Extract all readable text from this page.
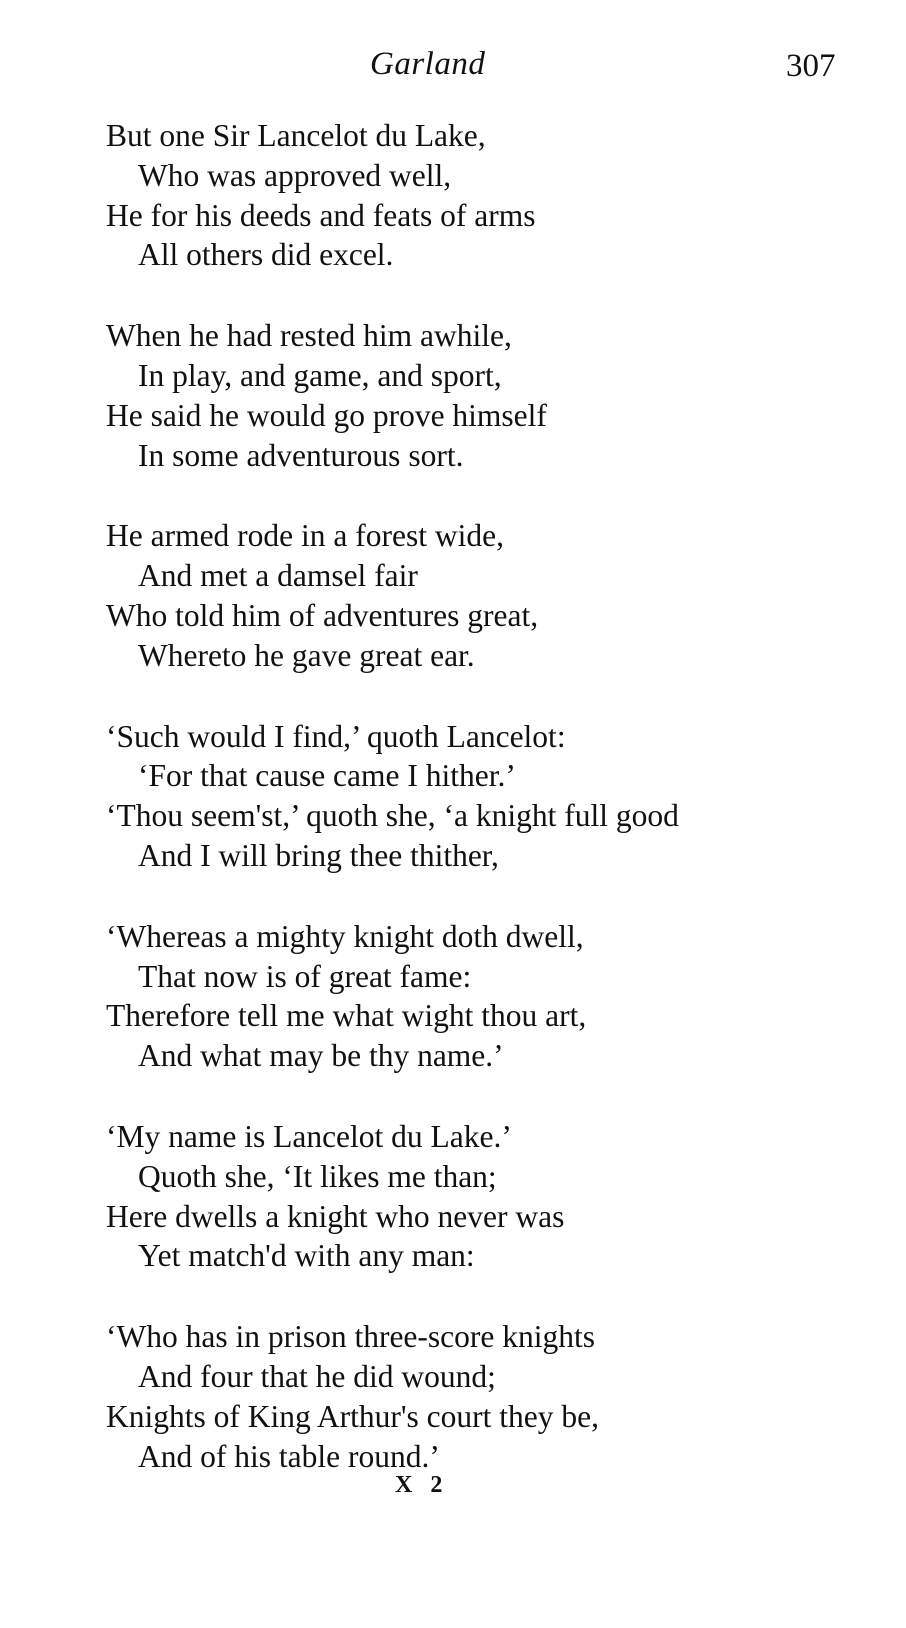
Garland	307
But one Sir Lancelot du Lake,
Who was approved well,
He for his deeds and feats of arms
All others did excel.
When he had rested him awhile,
In play, and game, and sport,
He said he would go prove himself
In some adventurous sort.
He armed rode in a forest wide,
And met a damsel fair
Who told him of adventures great,
Whereto he gave great ear.
‘Such would I find,’ quoth Lancelot:
‘For that cause came I hither.’
‘Thou seem'st,’ quoth she, ‘a knight full good
And I will bring thee thither,
‘Whereas a mighty knight doth dwell,
That now is of great fame:
Therefore tell me what wight thou art,
And what may be thy name.’
‘My name is Lancelot du Lake.’
Quoth she, ‘It likes me than;
Here dwells a knight who never was
Yet match'd with any man:
‘Who has in prison three-score knights
And four that he did wound;
Knights of King Arthur's court they be,
And of his table round.’
X 2
